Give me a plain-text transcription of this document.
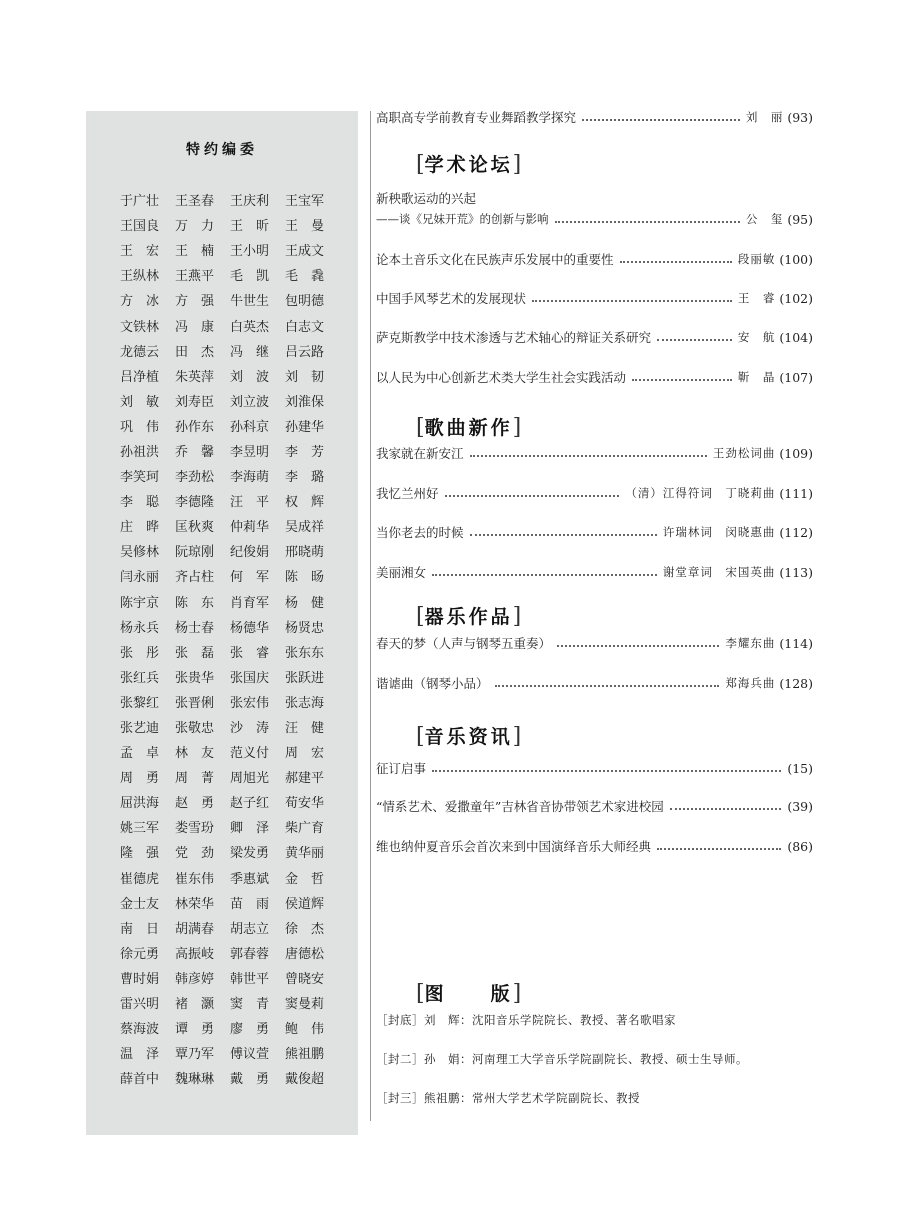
特约编委
于广壮	王圣春	王庆利	王宝军
王国良	万　力	王　昕	王　曼
王　宏	王　楠	王小明	王成文
王纵林	王燕平	毛　凯	毛　毳
方　冰	方　强	牛世生	包明德
文铁林	冯　康	白英杰	白志文
龙德云	田　杰	冯　继	吕云路
吕净植	朱英萍	刘　波	刘　韧
刘　敏	刘寿臣	刘立波	刘淮保
巩　伟	孙作东	孙科京	孙建华
孙祖洪	乔　馨	李昱明	李　芳
李笑珂	李劲松	李海萌	李　璐
李　聪	李德隆	汪　平	权　辉
庄　晔	匡秋爽	仲莉华	吴成祥
吴修林	阮琼刚	纪俊娟	邢晓萌
闫永丽	齐占柱	何　军	陈　旸
陈宇京	陈　东	肖育军	杨　健
杨永兵	杨士春	杨德华	杨贤忠
张　彤	张　磊	张　睿	张东东
张红兵	张贵华	张国庆	张跃进
张黎红	张晋俐	张宏伟	张志海
张艺迪	张敬忠	沙　涛	汪　健
孟　卓	林　友	范义付	周　宏
周　勇	周　菁	周旭光	郝建平
屈洪海	赵　勇	赵子红	荀安华
姚三军	娄雪玢	卿　泽	柴广育
隆　强	党　劲	梁发勇	黄华丽
崔德虎	崔东伟	季惠斌	金　哲
金士友	林荣华	苗　雨	侯道辉
南　日	胡满春	胡志立	徐　杰
徐元勇	高振岐	郭春蓉	唐德松
曹时娟	韩彦婷	韩世平	曾晓安
雷兴明	褚　灏	窦　青	窦曼莉
蔡海波	谭　勇	廖　勇	鲍　伟
温　泽	覃乃军	傅议萱	熊祖鹏
薛首中	魏琳琳	戴　勇	戴俊超
高职高专学前教育专业舞蹈教学探究	刘　丽 (93)
[学术论坛]
新秧歌运动的兴起
——谈《兄妹开荒》的创新与影响	公　玺 (95)
论本土音乐文化在民族声乐发展中的重要性	段丽敏 (100)
中国手风琴艺术的发展现状	王　睿 (102)
萨克斯教学中技术渗透与艺术轴心的辩证关系研究	安　航 (104)
以人民为中心创新艺术类大学生社会实践活动	靳　晶 (107)
[歌曲新作]
我家就在新安江	王劲松词曲 (109)
我忆兰州好	（清）江得符词　丁晓莉曲 (111)
当你老去的时候	许瑞林词　闵晓惠曲 (112)
美丽湘女	谢堂章词　宋国英曲 (113)
[器乐作品]
春天的梦（人声与钢琴五重奏）	李耀东曲 (114)
谐谑曲（钢琴小品）	郑海兵曲 (128)
[音乐资讯]
征订启事	(15)
“情系艺术、爱撒童年”吉林省音协带领艺术家进校园	(39)
维也纳仲夏音乐会首次来到中国演绎音乐大师经典	(86)
[图　　版]
［封底］刘　辉：沈阳音乐学院院长、教授、著名歌唱家
［封二］孙　娟：河南理工大学音乐学院副院长、教授、硕士生导师。
［封三］熊祖鹏：常州大学艺术学院副院长、教授
